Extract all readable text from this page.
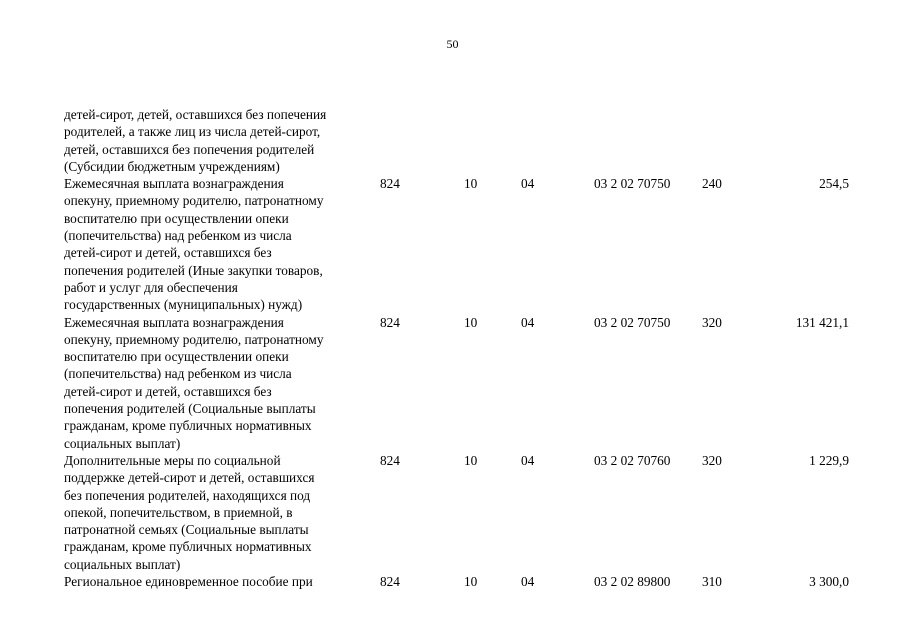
50
детей-сирот, детей, оставшихся без попечения
родителей, а также лиц из числа детей-сирот,
детей, оставшихся без попечения родителей
(Субсидии бюджетным учреждениям)
Ежемесячная выплата вознаграждения
опекуну, приемному родителю, патронатному
воспитателю при осуществлении опеки
(попечительства) над ребенком из числа
детей-сирот и детей, оставшихся без
попечения родителей (Иные закупки товаров,
работ и услуг для обеспечения
государственных (муниципальных) нужд)
824	10	04	03 2 02 70750 240	254,5
Ежемесячная выплата вознаграждения
опекуну, приемному родителю, патронатному
воспитателю при осуществлении опеки
(попечительства) над ребенком из числа
детей-сирот и детей, оставшихся без
попечения родителей (Социальные выплаты
гражданам, кроме публичных нормативных
социальных выплат)
824	10	04	03 2 02 70750 320	131 421,1
Дополнительные меры по социальной
поддержке детей-сирот и детей, оставшихся
без попечения родителей, находящихся под
опекой, попечительством, в приемной, в
патронатной семьях (Социальные выплаты
гражданам, кроме публичных нормативных
социальных выплат)
824	10	04	03 2 02 70760 320	1 229,9
Региональное единовременное пособие при	824	10	04	03 2 02 89800 310	3 300,0
